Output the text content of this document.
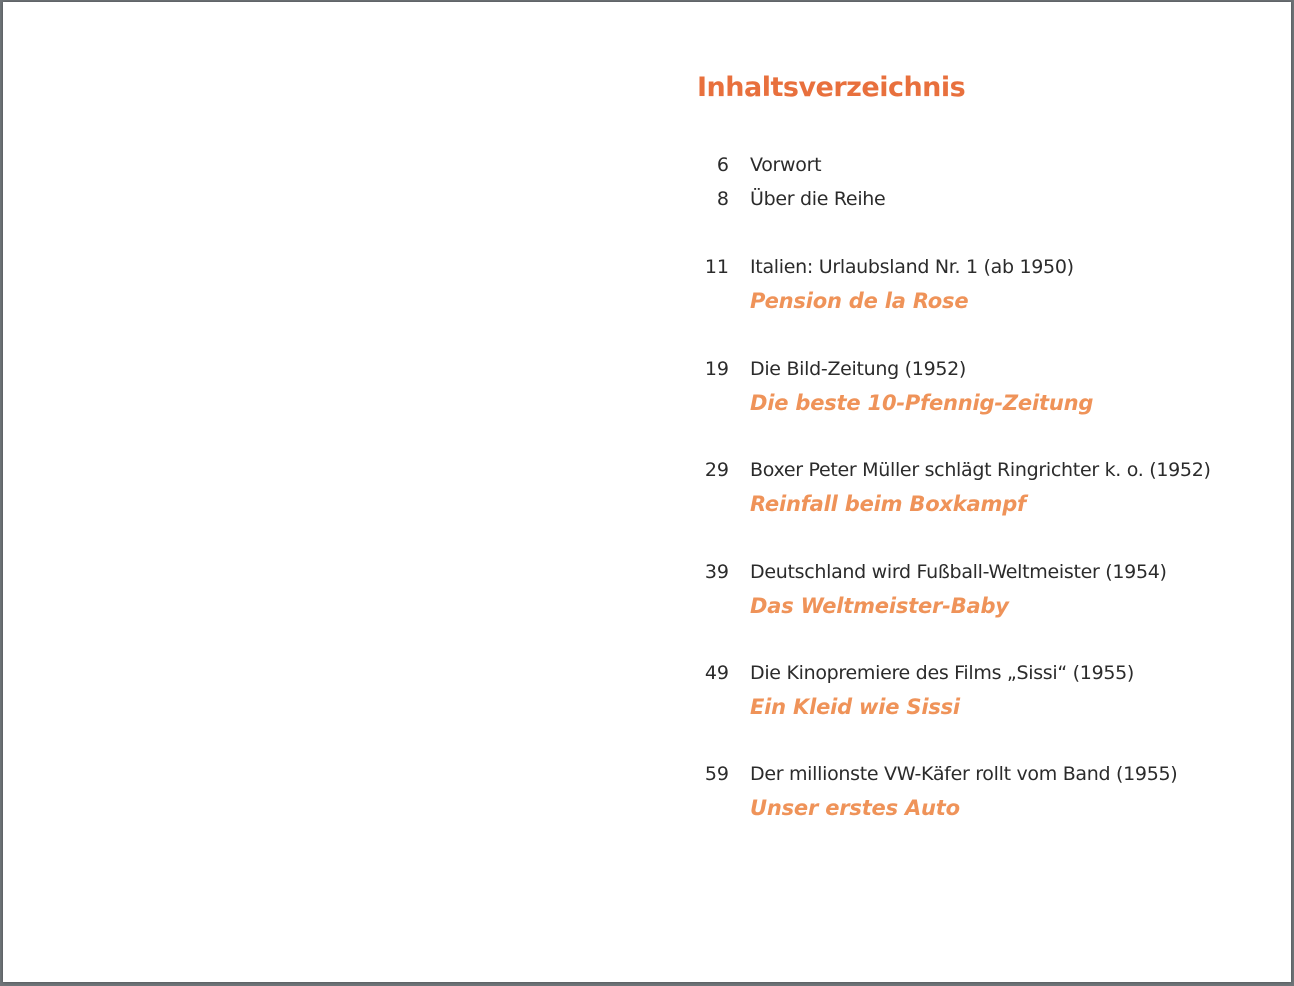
Inhaltsverzeichnis
6 Vorwort
8 Über die Reihe
11 Italien: Urlaubsland Nr. 1 (ab 1950)
Pension de la Rose
19 Die Bild-Zeitung (1952)
Die beste 10-Pfennig-Zeitung
29 Boxer Peter Müller schlägt Ringrichter k. o. (1952)
Reinfall beim Boxkampf
39 Deutschland wird Fußball-Weltmeister (1954)
Das Weltmeister-Baby
49 Die Kinopremiere des Films „Sissi“ (1955)
Ein Kleid wie Sissi
59 Der millionste VW-Käfer rollt vom Band (1955)
Unser erstes Auto
